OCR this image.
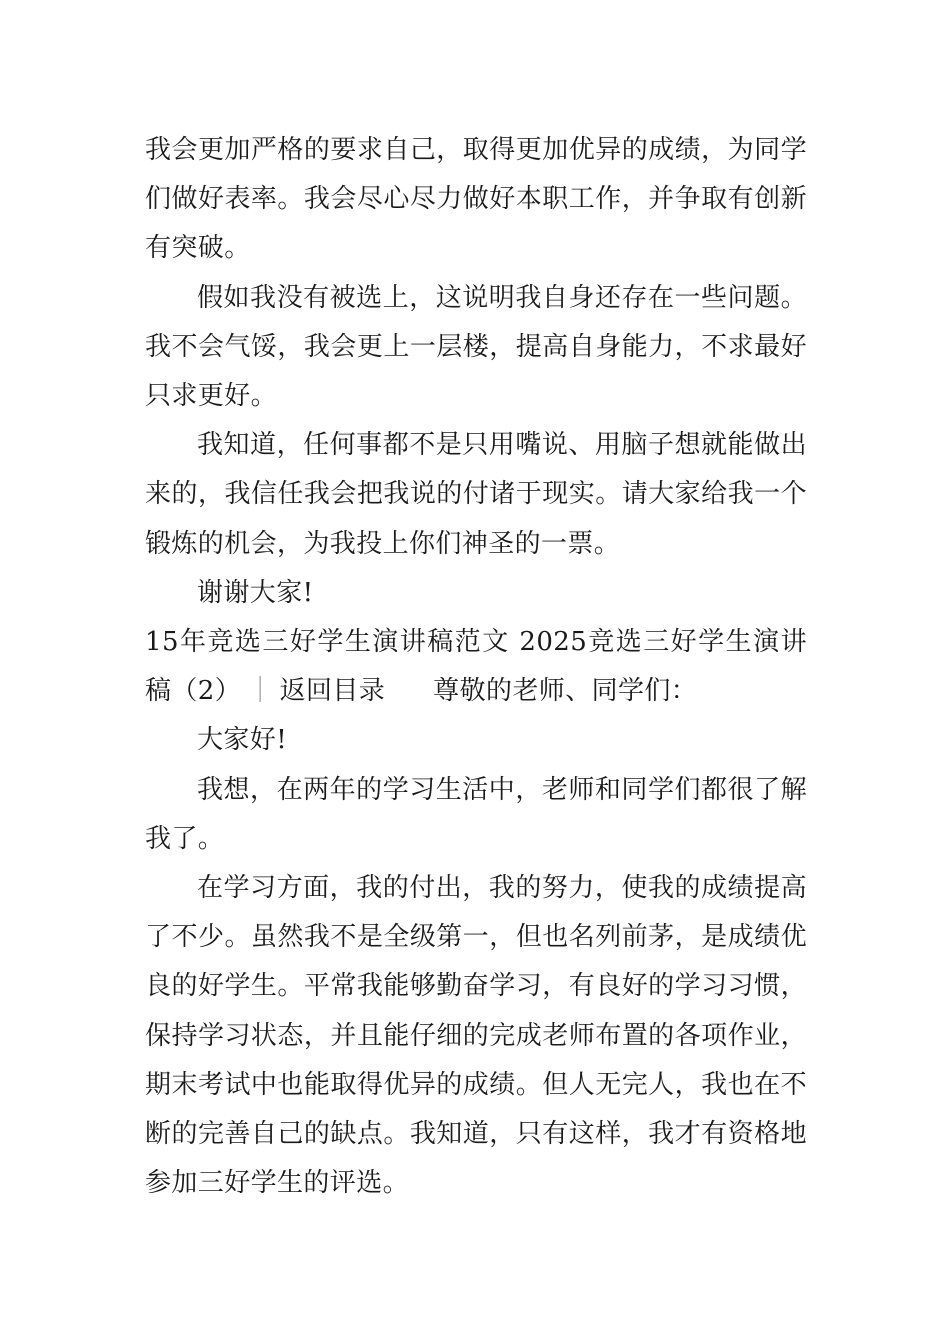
我会更加严格的要求自己，取得更加优异的成绩，为同学们做好表率。我会尽心尽力做好本职工作，并争取有创新有突破。

假如我没有被选上，这说明我自身还存在一些问题。我不会气馁，我会更上一层楼，提高自身能力，不求最好只求更好。

我知道，任何事都不是只用嘴说、用脑子想就能做出来的，我信任我会把我说的付诸于现实。请大家给我一个锻炼的机会，为我投上你们神圣的一票。

谢谢大家!

15年竞选三好学生演讲稿范文 2025竞选三好学生演讲稿（2） ｜ 返回目录 尊敬的老师、同学们：

大家好!

我想，在两年的学习生活中，老师和同学们都很了解我了。

在学习方面，我的付出，我的努力，使我的成绩提高了不少。虽然我不是全级第一，但也名列前茅，是成绩优良的好学生。平常我能够勤奋学习，有良好的学习习惯，保持学习状态，并且能仔细的完成老师布置的各项作业，期末考试中也能取得优异的成绩。但人无完人，我也在不断的完善自己的缺点。我知道，只有这样，我才有资格地参加三好学生的评选。
